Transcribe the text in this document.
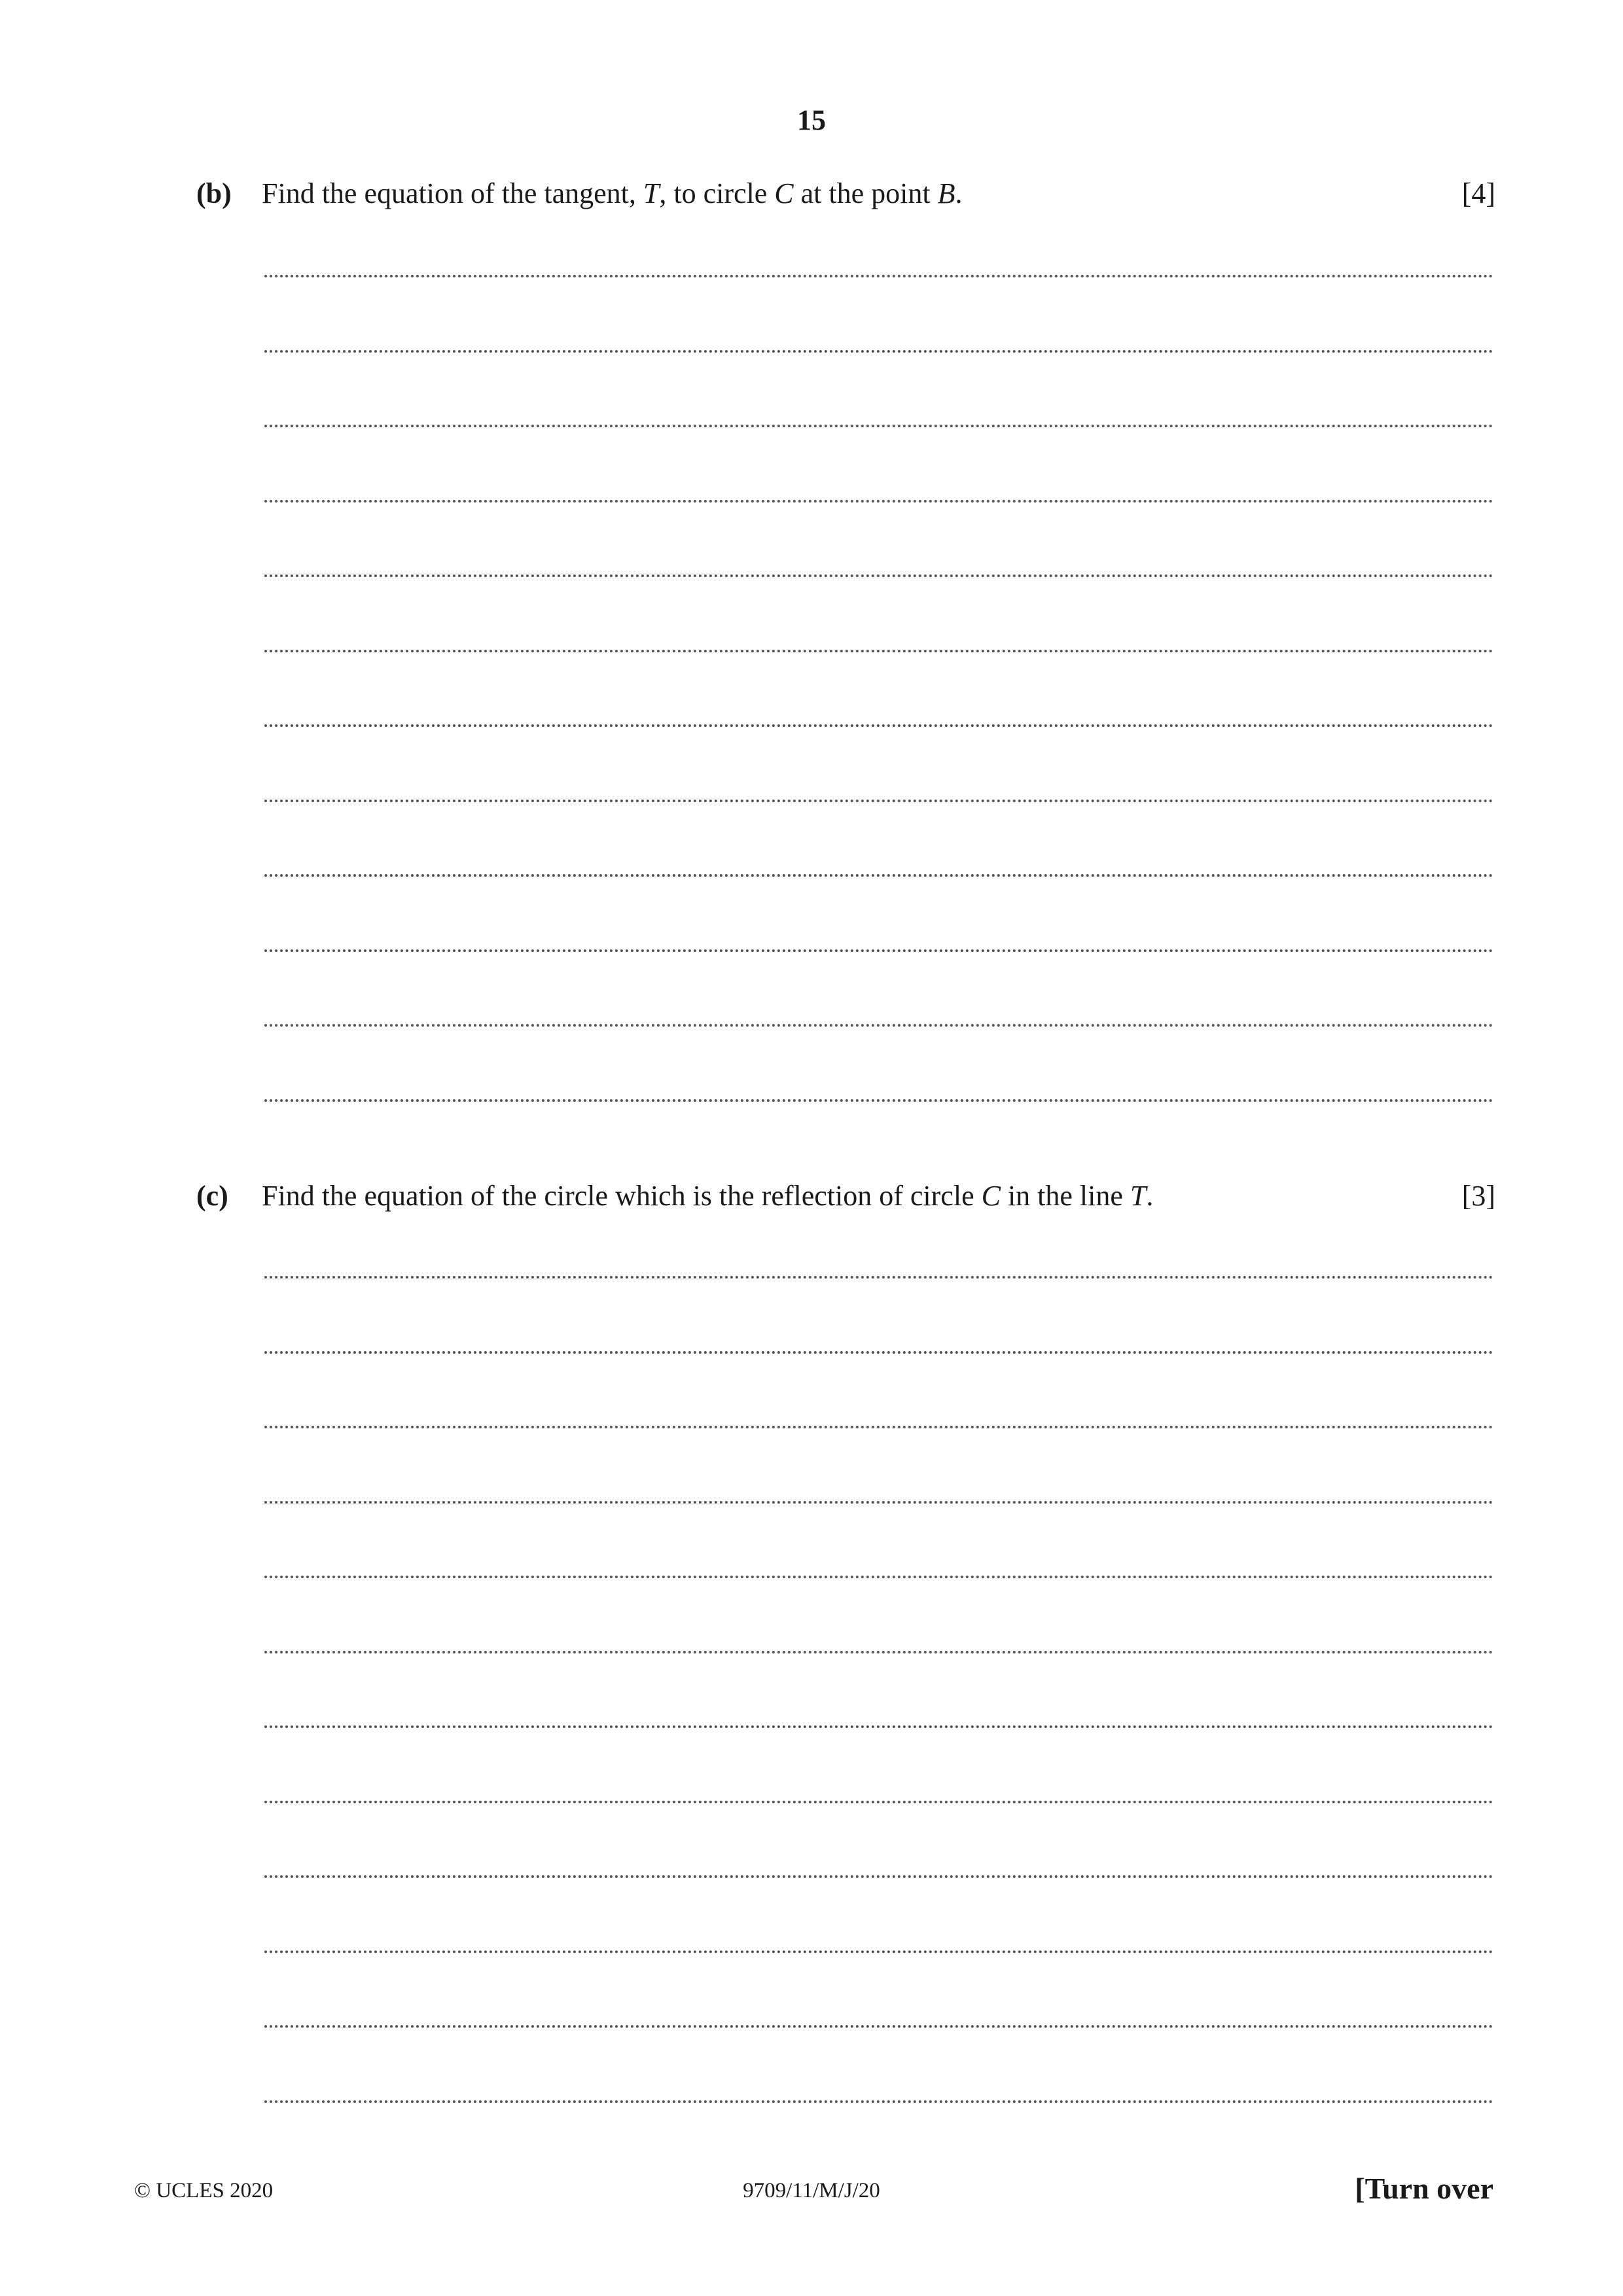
15
(b) Find the equation of the tangent, T, to circle C at the point B.	[4]
(c) Find the equation of the circle which is the reflection of circle C in the line T.	[3]
© UCLES 2020	9709/11/M/J/20	[Turn over
